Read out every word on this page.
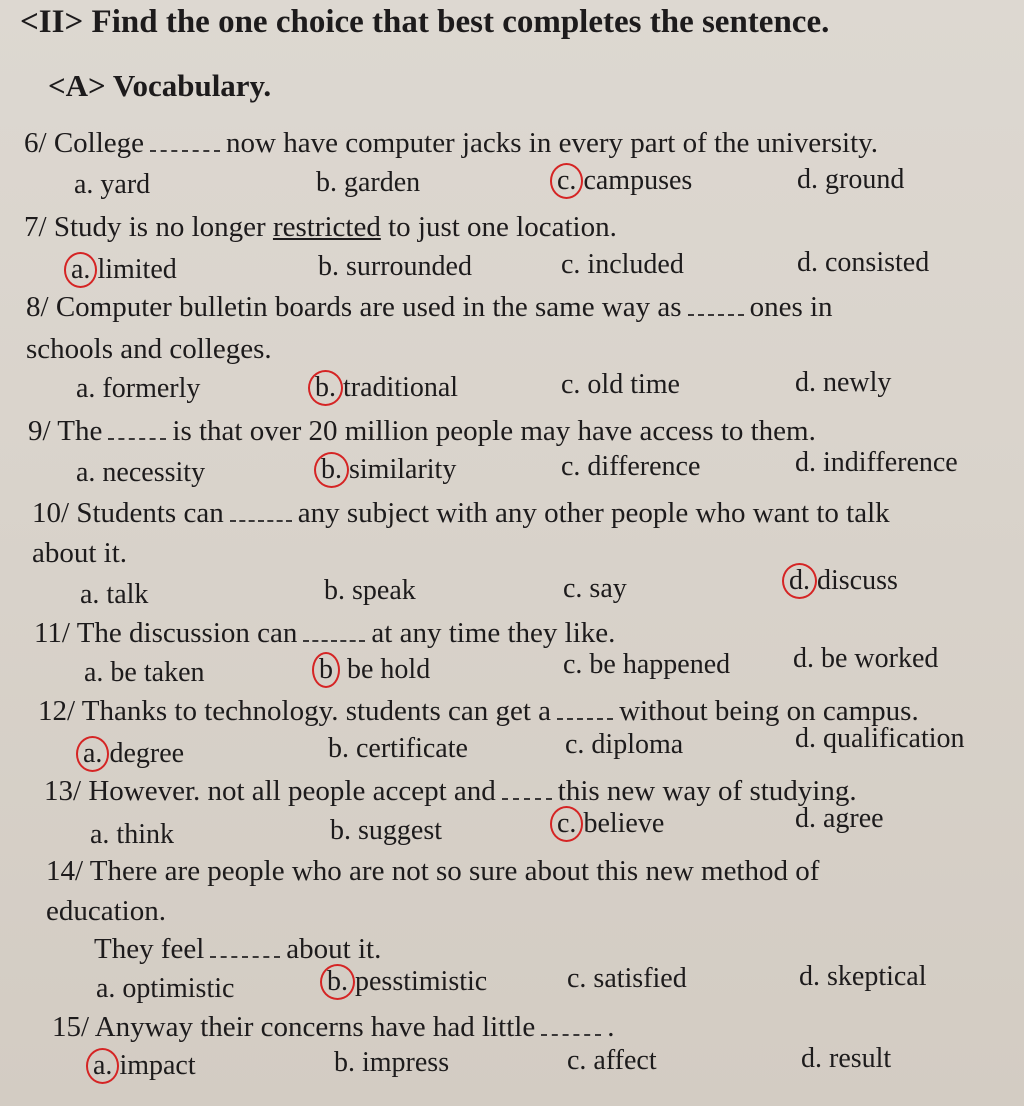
<II> Find the one choice that best completes the sentence.
<A> Vocabulary.
6/ College	now have computer jacks in every part of the university.
a. yard	b. garden	c. campuses	d. ground
7/ Study is no longer restricted to just one location.
a. limited	b. surrounded	c. included	d. consisted
8/ Computer bulletin boards are used in the same way as ones in
schools and colleges.
a. formerly	b. traditional	c. old time	d. newly
9/ The is that over 20 million people may have access to them.
a. necessity	b. similarity	c. difference	d. indifference
10/ Students can	any subject with any other people who want to talk
about it.
a. talk	b. speak	c. say	d. discuss
11/ The discussion can	at any time they like.
a. be taken	b be hold	c. be happened d. be worked
12/ Thanks to technology. students can get a without being on campus.
a. degree	b. certificate	c. diploma	d. qualification
13/ However. not all people accept and this new way of studying.
a. think	b. suggest	c. believe	d. agree
14/ There are people who are not so sure about this new method of
education.
They feel	about it.
a. optimistic	b. pesstimistic	c. satisfied	d. skeptical
15/ Anyway their concerns have had little .
a. impact	b. impress	c. affect	d. result
